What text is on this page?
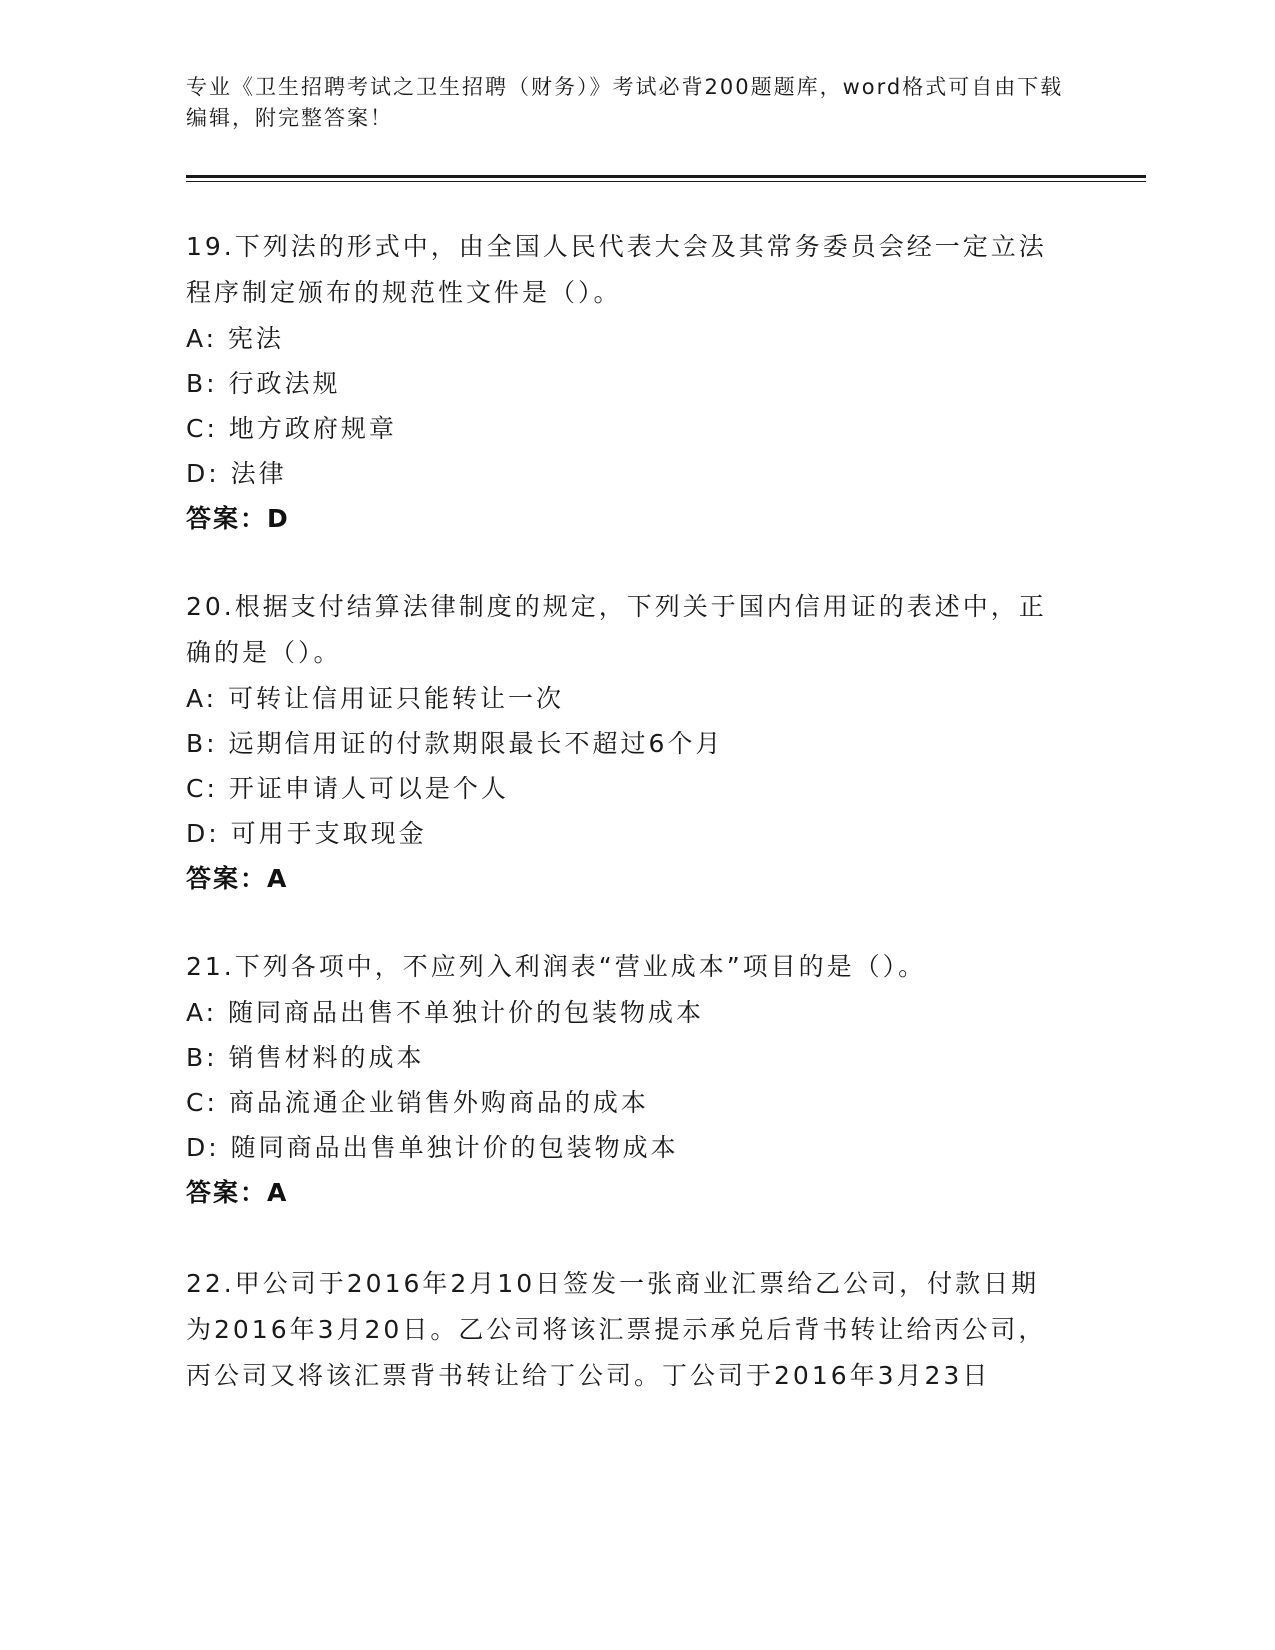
专业《卫生招聘考试之卫生招聘（财务）》考试必背200题题库，word格式可自由下载编辑，附完整答案！

19.下列法的形式中，由全国人民代表大会及其常务委员会经一定立法程序制定颁布的规范性文件是（）。

A: 宪法

B: 行政法规

C: 地方政府规章

D: 法律

答案：D

20.根据支付结算法律制度的规定，下列关于国内信用证的表述中，正确的是（）。

A: 可转让信用证只能转让一次

B: 远期信用证的付款期限最长不超过6个月

C: 开证申请人可以是个人

D: 可用于支取现金

答案：A

21.下列各项中，不应列入利润表“营业成本”项目的是（）。

A: 随同商品出售不单独计价的包装物成本

B: 销售材料的成本

C: 商品流通企业销售外购商品的成本

D: 随同商品出售单独计价的包装物成本

答案：A

22.甲公司于2016年2月10日签发一张商业汇票给乙公司，付款日期为2016年3月20日。乙公司将该汇票提示承兑后背书转让给丙公司，丙公司又将该汇票背书转让给丁公司。丁公司于2016年3月23日
